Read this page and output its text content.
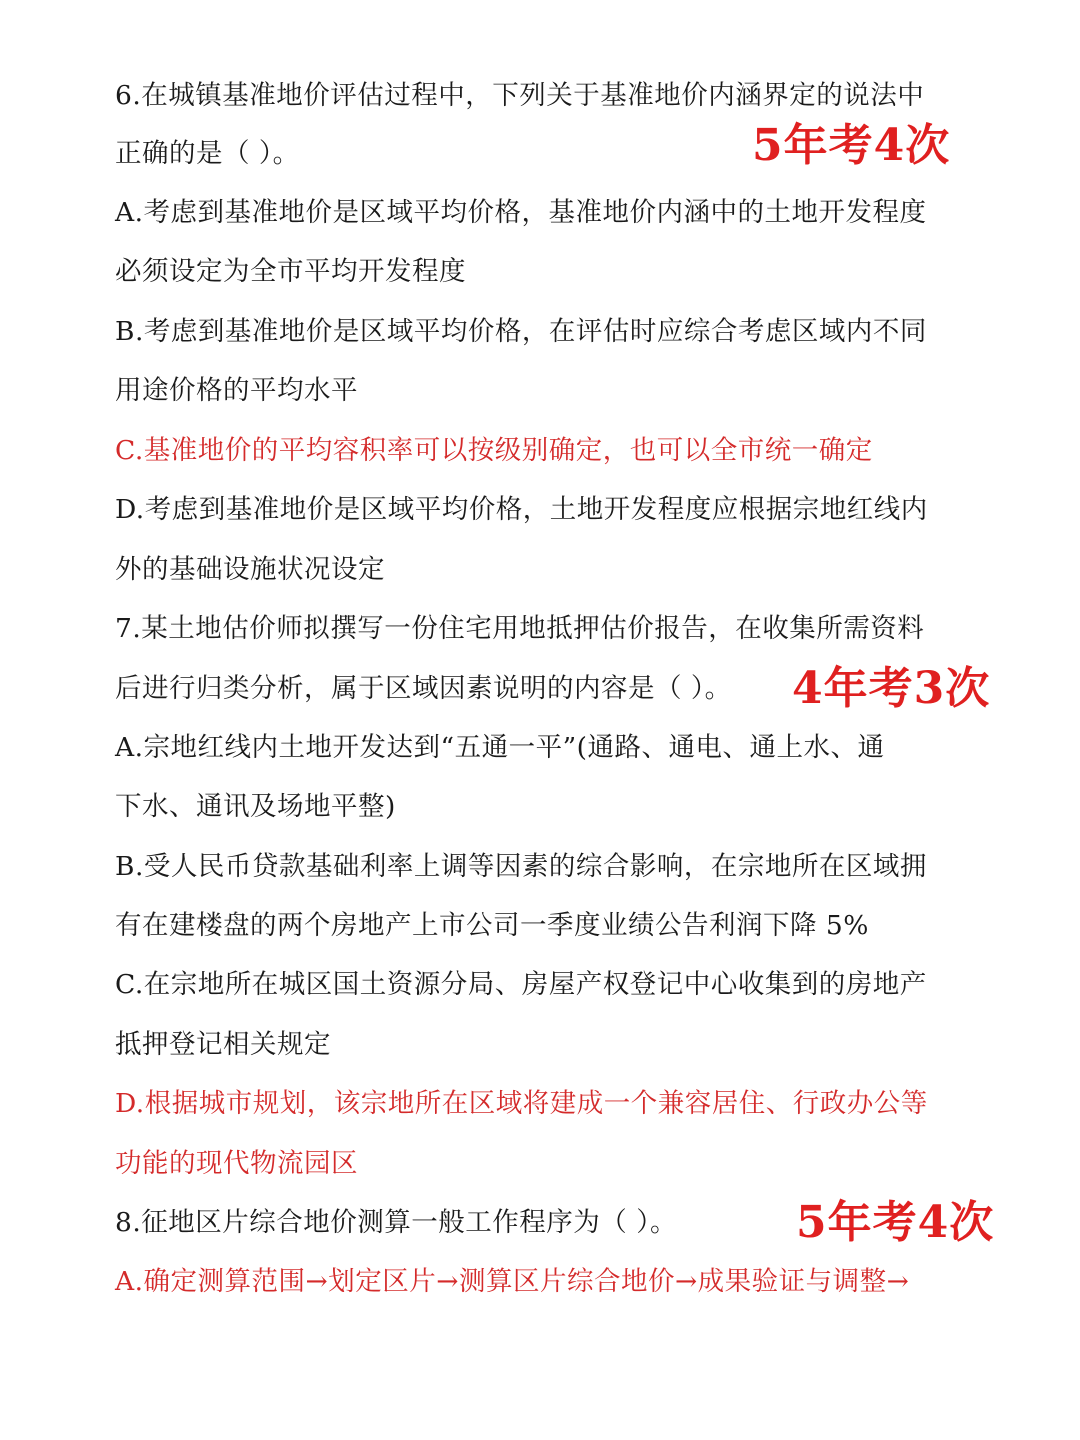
6.在城镇基准地价评估过程中，下列关于基准地价内涵界定的说法中
正确的是（ ）。	5年考4次
A.考虑到基准地价是区域平均价格，基准地价内涵中的土地开发程度
必须设定为全市平均开发程度
B.考虑到基准地价是区域平均价格，在评估时应综合考虑区域内不同
用途价格的平均水平
C.基准地价的平均容积率可以按级别确定，也可以全市统一确定
D.考虑到基准地价是区域平均价格，土地开发程度应根据宗地红线内
外的基础设施状况设定
7.某土地估价师拟撰写一份住宅用地抵押估价报告，在收集所需资料
后进行归类分析，属于区域因素说明的内容是（ ）。 4年考3次
A.宗地红线内土地开发达到“五通一平”(通路、通电、通上水、通
下水、通讯及场地平整)
B.受人民币贷款基础利率上调等因素的综合影响，在宗地所在区域拥
有在建楼盘的两个房地产上市公司一季度业绩公告利润下降 5%
C.在宗地所在城区国土资源分局、房屋产权登记中心收集到的房地产
抵押登记相关规定
D.根据城市规划，该宗地所在区域将建成一个兼容居住、行政办公等
功能的现代物流园区
8.征地区片综合地价测算一般工作程序为（ ）。	5年考4次
A.确定测算范围→划定区片→测算区片综合地价→成果验证与调整→
